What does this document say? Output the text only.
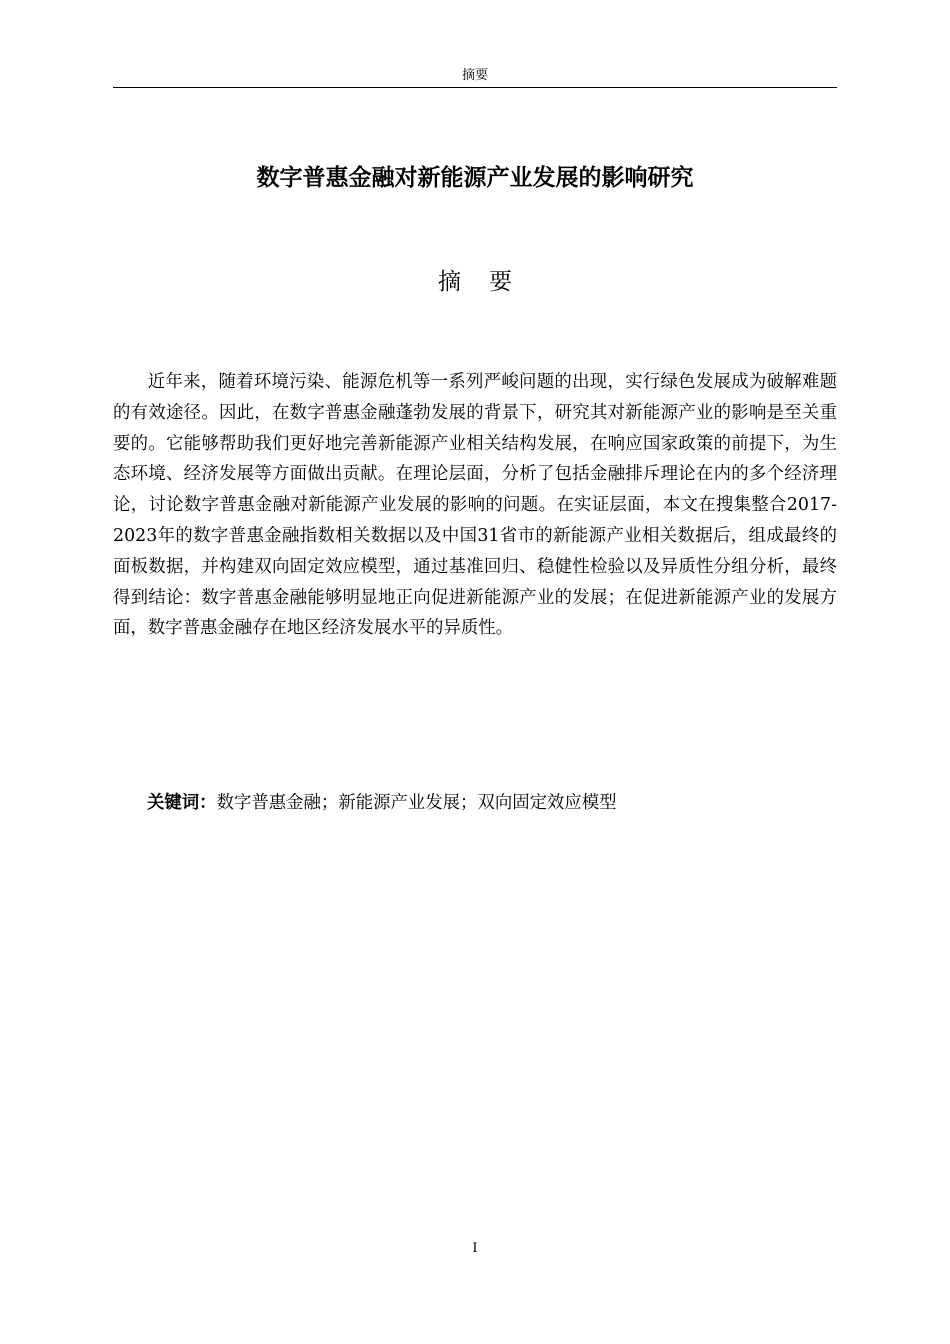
摘要
数字普惠金融对新能源产业发展的影响研究
摘要

近年来，随着环境污染、能源危机等一系列严峻问题的出现，实行绿色发展成为破解难题的有效途径。因此，在数字普惠金融蓬勃发展的背景下，研究其对新能源产业的影响是至关重要的。它能够帮助我们更好地完善新能源产业相关结构发展，在响应国家政策的前提下，为生态环境、经济发展等方面做出贡献。在理论层面，分析了包括金融排斥理论在内的多个经济理论，讨论数字普惠金融对新能源产业发展的影响的问题。在实证层面，本文在搜集整合2017-2023年的数字普惠金融指数相关数据以及中国31省市的新能源产业相关数据后，组成最终的面板数据，并构建双向固定效应模型，通过基准回归、稳健性检验以及异质性分组分析，最终得到结论：数字普惠金融能够明显地正向促进新能源产业的发展；在促进新能源产业的发展方面，数字普惠金融存在地区经济发展水平的异质性。

关键词：数字普惠金融；新能源产业发展；双向固定效应模型
I
